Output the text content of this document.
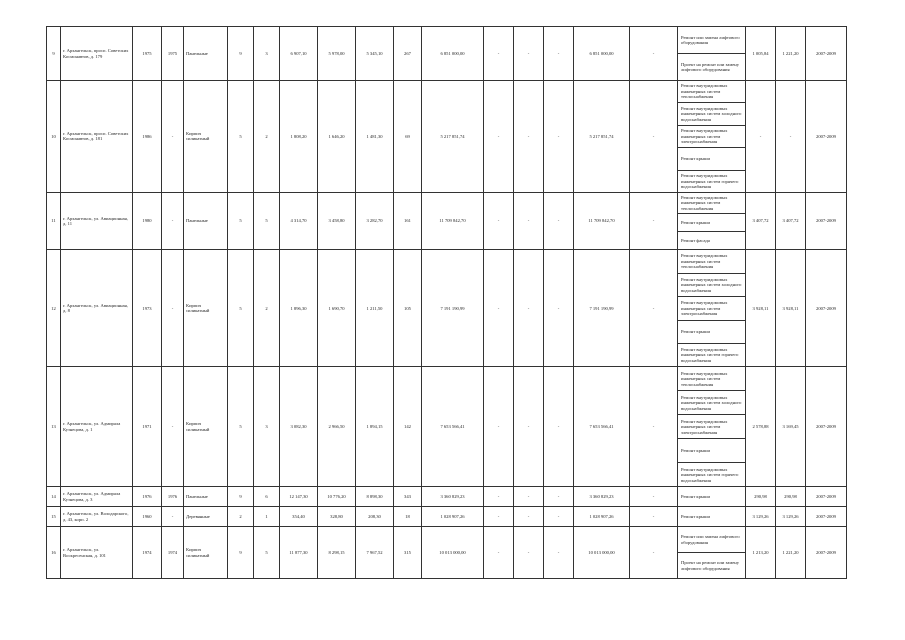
9	г. Архангельск, просп. Советских Космонавтов, д. 179	1975	1975	Панельные	9	3	6 907,10	5 978,00	5 345,10	267	6 851 000,00	-	-	-	6 851 000,00	-	Ремонт или замена лифтового оборудования	1 005,84	1 221,20	2007-2009
																	Проект на ремонт или замену лифтового оборудования			
10	г. Архангельск, просп. Советских Космонавтов, д. 181	1986	-	Кирпич силикатный	5	2	1 808,20	1 646,20	1 481,30	69	5 217 851,74	-	-	-	5 217 851,74	-	Ремонт внутридомовых инженерных систем теплоснабжения	-	-	2007-2009
																	Ремонт внутридомовых инженерных систем холодного водоснабжения			
																	Ремонт внутридомовых инженерных систем электроснабжения			
																	Ремонт крыши			
																	Ремонт внутридомовых инженерных систем горячего водоснабжения			
11	г. Архангельск, ул. Авиационная, д. 11	1980	-	Панельные	5	5	4 314,70	3 458,80	3 282,70	161	11 709 842,70	-	-	-	11 709 842,70	-	Ремонт внутридомовых инженерных систем теплоснабжения	3 407,72	3 407,72	2007-2009
																	Ремонт крыши			
																	Ремонт фасада			
12	г. Архангельск, ул. Авиационная, д. 8	1973	-	Кирпич силикатный	5	2	1 896,30	1 690,70	1 211,50	105	7 191 190,99	-	-	-	7 191 190,99	-	Ремонт внутридомовых инженерных систем теплоснабжения	3 928,11	3 928,11	2007-2009
																	Ремонт внутридомовых инженерных систем холодного водоснабжения			
																	Ремонт внутридомовых инженерных систем электроснабжения			
																	Ремонт крыши			
																	Ремонт внутридомовых инженерных систем горячего водоснабжения			
13	г. Архангельск, ул. Адмирала Кузнецова, д. 1	1971	-	Кирпич силикатный	5	3	3 082,30	2 966,50	1 894,15	142	7 653 566,41	-	-	-	7 653 566,41	-	Ремонт внутридомовых инженерных систем теплоснабжения	2 578,88	3 169,45	2007-2009
																	Ремонт внутридомовых инженерных систем холодного водоснабжения			
																	Ремонт внутридомовых инженерных систем электроснабжения			
																	Ремонт крыши			
																	Ремонт внутридомовых инженерных систем горячего водоснабжения			
14	г. Архангельск, ул. Адмирала Кузнецова, д. 3	1976	1976	Панельные	9	6	12 147,30	10 776,20	8 898,30	343	3 360 829,23	-	-	-	3 360 829,23	-	Ремонт крыши	290,98	290,98	2007-2009
15	г. Архангельск, ул. Володарского, д. 43, корп. 2	1960	-	Деревянные	2	1	354,40	328,80	208,30	18	1 028 907,26	-	-	-	1 028 907,26	-	Ремонт крыши	3 129,26	3 129,26	2007-2009
16	г. Архангельск, ул. Воскресенская, д. 101	1974	1974	Кирпич силикатный	9	5	11 877,30	8 298,15	7 967,52	315	10 013 000,00	-	-	-	10 013 000,00	-	Ремонт или замена лифтового оборудования	1 213,20	1 221,20	2007-2009
																	Проект на ремонт или замену лифтового оборудования			
